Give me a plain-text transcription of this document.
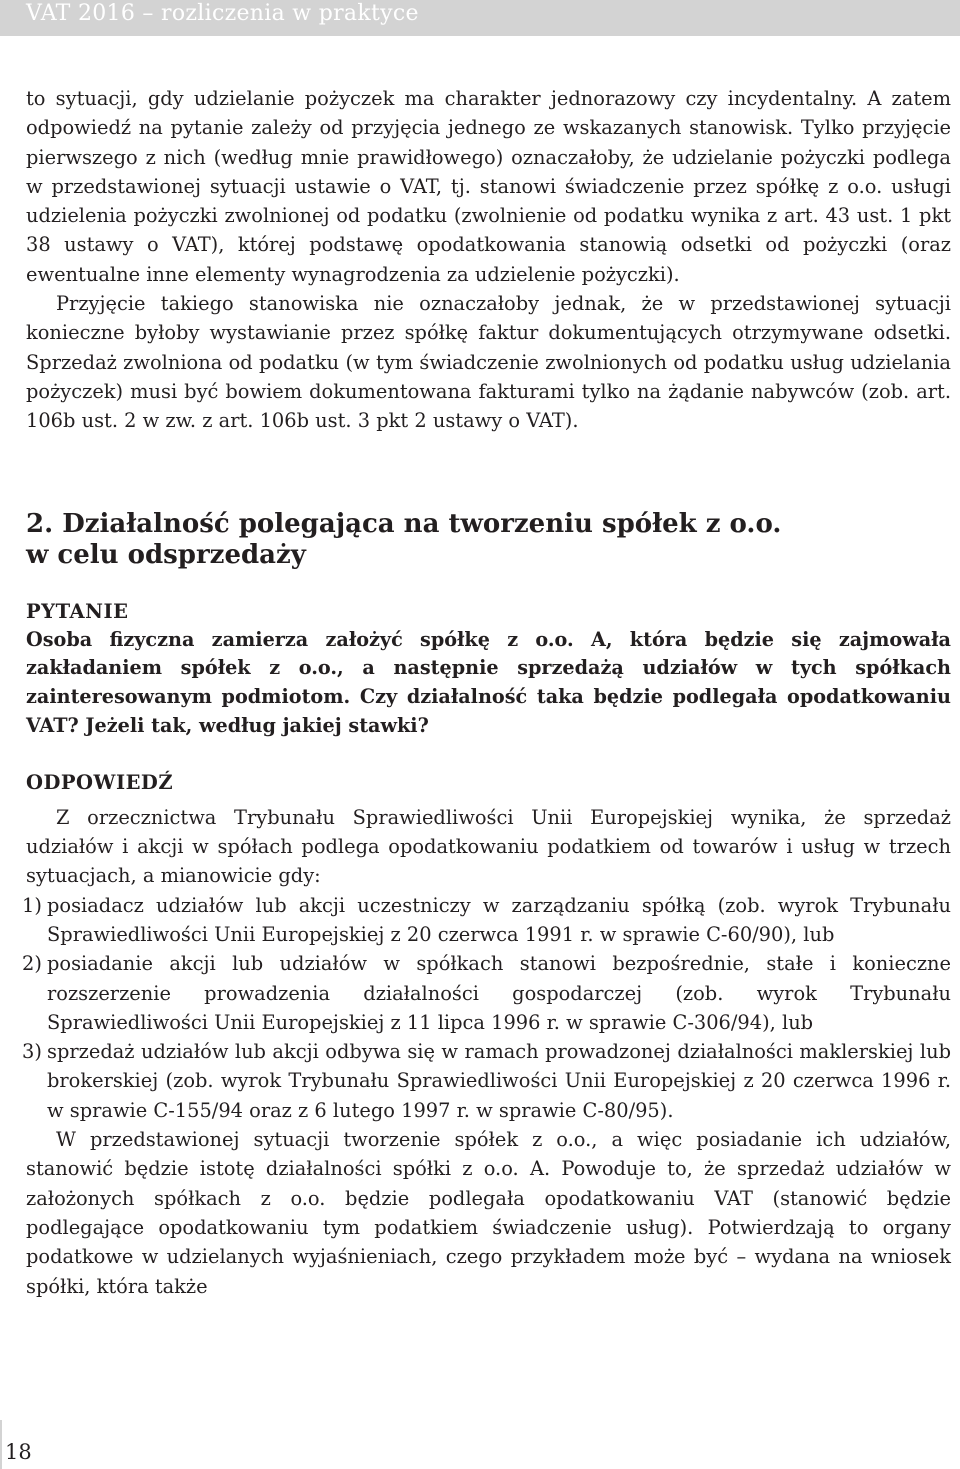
VAT 2016 – rozliczenia w praktyce

to sytuacji, gdy udzielanie pożyczek ma charakter jednorazowy czy incydentalny. A zatem odpowiedź na pytanie zależy od przyjęcia jednego ze wskazanych stanowisk. Tylko przyjęcie pierwszego z nich (według mnie prawidłowego) oznaczałoby, że udzielanie pożyczki podlega w przedstawionej sytuacji ustawie o VAT, tj. stanowi świadczenie przez spółkę z o.o. usługi udzielenia pożyczki zwolnionej od podatku (zwolnienie od podatku wynika z art. 43 ust. 1 pkt 38 ustawy o VAT), której podstawę opodatkowania stanowią odsetki od pożyczki (oraz ewentualne inne elementy wynagrodzenia za udzielenie pożyczki).

Przyjęcie takiego stanowiska nie oznaczałoby jednak, że w przedstawionej sytuacji konieczne byłoby wystawianie przez spółkę faktur dokumentujących otrzymywane odsetki. Sprzedaż zwolniona od podatku (w tym świadczenie zwolnionych od podatku usług udzielania pożyczek) musi być bowiem dokumentowana fakturami tylko na żądanie nabywców (zob. art. 106b ust. 2 w zw. z art. 106b ust. 3 pkt 2 ustawy o VAT).

2. Działalność polegająca na tworzeniu spółek z o.o.
w celu odsprzedaży

PYTANIE

Osoba fizyczna zamierza założyć spółkę z o.o. A, która będzie się zajmowała zakładaniem spółek z o.o., a następnie sprzedażą udziałów w tych spółkach zainteresowanym podmiotom. Czy działalność taka będzie podlegała opodatkowaniu VAT? Jeżeli tak, według jakiej stawki?

ODPOWIEDŹ

Z orzecznictwa Trybunału Sprawiedliwości Unii Europejskiej wynika, że sprzedaż udziałów i akcji w spółach podlega opodatkowaniu podatkiem od towarów i usług w trzech sytuacjach, a mianowicie gdy:

1) posiadacz udziałów lub akcji uczestniczy w zarządzaniu spółką (zob. wyrok Trybunału Sprawiedliwości Unii Europejskiej z 20 czerwca 1991 r. w sprawie C-60/90), lub
2) posiadanie akcji lub udziałów w spółkach stanowi bezpośrednie, stałe i konieczne rozszerzenie prowadzenia działalności gospodarczej (zob. wyrok Trybunału Sprawiedliwości Unii Europejskiej z 11 lipca 1996 r. w sprawie C-306/94), lub
3) sprzedaż udziałów lub akcji odbywa się w ramach prowadzonej działalności maklerskiej lub brokerskiej (zob. wyrok Trybunału Sprawiedliwości Unii Europejskiej z 20 czerwca 1996 r. w sprawie C-155/94 oraz z 6 lutego 1997 r. w sprawie C-80/95).

W przedstawionej sytuacji tworzenie spółek z o.o., a więc posiadanie ich udziałów, stanowić będzie istotę działalności spółki z o.o. A. Powoduje to, że sprzedaż udziałów w założonych spółkach z o.o. będzie podlegała opodatkowaniu VAT (stanowić będzie podlegające opodatkowaniu tym podatkiem świadczenie usług). Potwierdzają to organy podatkowe w udzielanych wyjaśnieniach, czego przykładem może być – wydana na wniosek spółki, która także

18
